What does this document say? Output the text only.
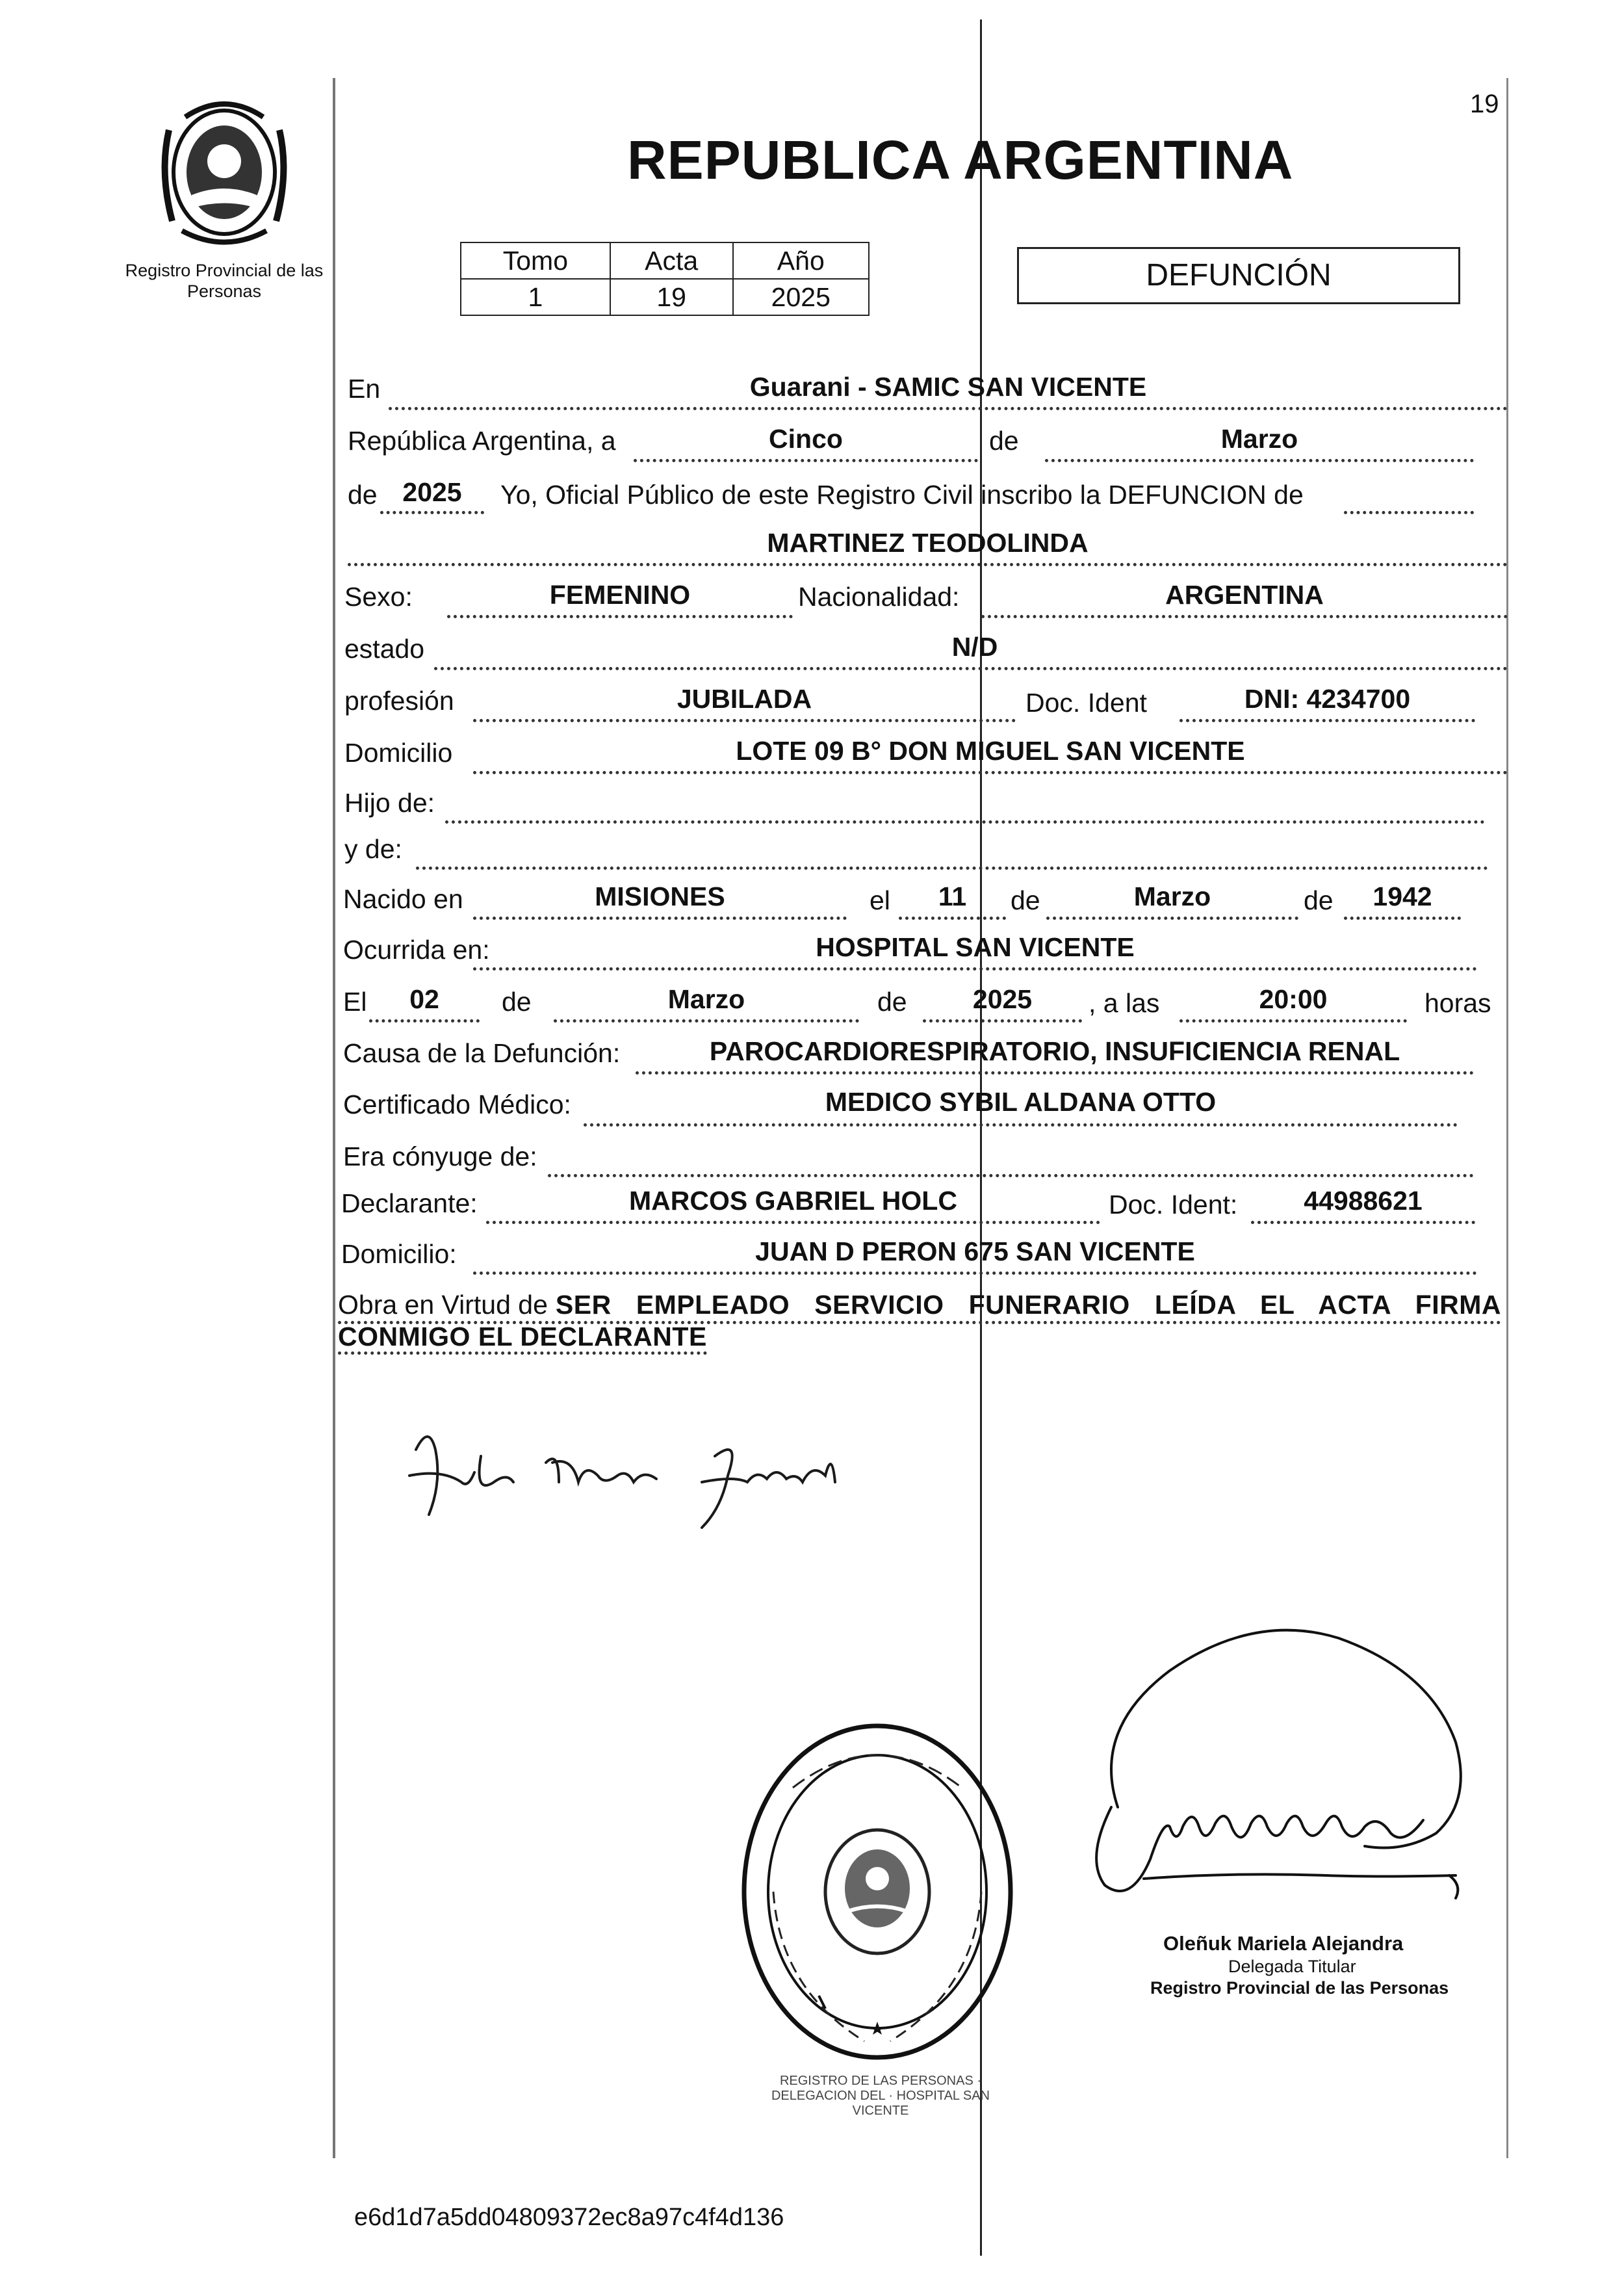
19
Registro Provincial de las Personas
REPUBLICA ARGENTINA
Tomo	Acta	Año
1	19	2025
DEFUNCIÓN
En	Guarani - SAMIC SAN VICENTE
República Argentina, a	Cinco	de	Marzo
de 2025	Yo, Oficial Público de este Registro Civil inscribo la DEFUNCION de
MARTINEZ TEODOLINDA
Sexo:	FEMENINO	Nacionalidad:	ARGENTINA
estado	N/D
profesión	JUBILADA	Doc. Ident	DNI: 4234700
Domicilio	LOTE 09 B° DON MIGUEL SAN VICENTE
Hijo de:
y de:
Nacido en	MISIONES	el	11	de	Marzo	de	1942
Ocurrida en:	HOSPITAL SAN VICENTE
El	02	de	Marzo	de	2025	, a las	20:00	horas
Causa de la Defunción:	PAROCARDIORESPIRATORIO, INSUFICIENCIA RENAL
Certificado Médico:	MEDICO SYBIL ALDANA OTTO
Era cónyuge de:
Declarante:	MARCOS GABRIEL HOLC	Doc. Ident:	44988621
Domicilio:	JUAN D PERON 675 SAN VICENTE
Obra en Virtud de SER EMPLEADO SERVICIO FUNERARIO LEÍDA EL ACTA FIRMA
CONMIGO EL DECLARANTE
REGISTRO DE LAS PERSONAS · DELEGACION DEL · HOSPITAL SAN VICENTE
Oleñuk Mariela Alejandra
Delegada Titular
Registro Provincial de las Personas
e6d1d7a5dd04809372ec8a97c4f4d136
